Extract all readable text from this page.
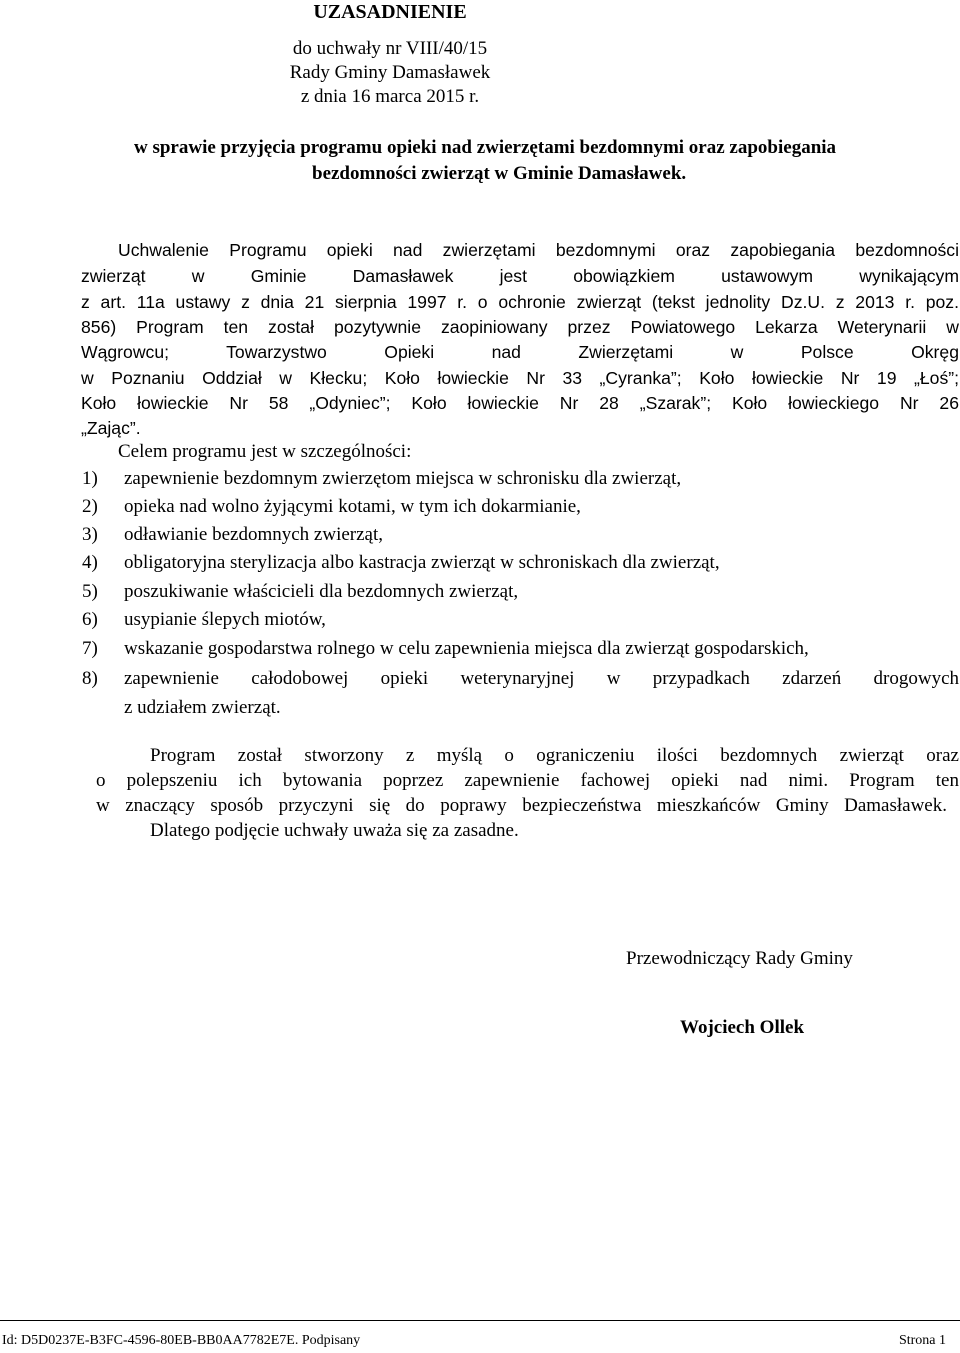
UZASADNIENIE
do uchwały nr VIII/40/15
Rady Gminy Damasławek
z dnia 16 marca 2015 r.
w sprawie przyjęcia programu opieki nad zwierzętami bezdomnymi oraz zapobiegania
bezdomności zwierząt w Gminie Damasławek.
Uchwalenie Programu opieki nad zwierzętami bezdomnymi oraz zapobiegania bezdomności
zwierząt w Gminie Damasławek jest obowiązkiem ustawowym wynikającym
z art. 11a ustawy z dnia 21 sierpnia 1997 r. o ochronie zwierząt (tekst jednolity Dz.U. z 2013 r. poz.
856) Program ten został pozytywnie zaopiniowany przez Powiatowego Lekarza Weterynarii w
Wągrowcu; Towarzystwo Opieki nad Zwierzętami w Polsce Okręg
w Poznaniu Oddział w Kłecku; Koło łowieckie Nr 33 „Cyranka”; Koło łowieckie Nr 19 „Łoś”;
Koło łowieckie Nr 58 „Odyniec”; Koło łowieckie Nr 28 „Szarak”; Koło łowieckiego Nr 26
„Zając”.
Celem programu jest w szczególności:
1) zapewnienie bezdomnym zwierzętom miejsca w schronisku dla zwierząt,
2) opieka nad wolno żyjącymi kotami, w tym ich dokarmianie,
3) odławianie bezdomnych zwierząt,
4) obligatoryjna sterylizacja albo kastracja zwierząt w schroniskach dla zwierząt,
5) poszukiwanie właścicieli dla bezdomnych zwierząt,
6) usypianie ślepych miotów,
7) wskazanie gospodarstwa rolnego w celu zapewnienia miejsca dla zwierząt gospodarskich,
8) zapewnienie całodobowej opieki weterynaryjnej w przypadkach zdarzeń drogowych
z udziałem zwierząt.
Program został stworzony z myślą o ograniczeniu ilości bezdomnych zwierząt oraz
o polepszeniu ich bytowania poprzez zapewnienie fachowej opieki nad nimi. Program ten
w znaczący sposób przyczyni się do poprawy bezpieczeństwa mieszkańców Gminy Damasławek.
Dlatego podjęcie uchwały uważa się za zasadne.
Przewodniczący Rady Gminy
Wojciech Ollek
Id: D5D0237E-B3FC-4596-80EB-BB0AA7782E7E. Podpisany	Strona 1
